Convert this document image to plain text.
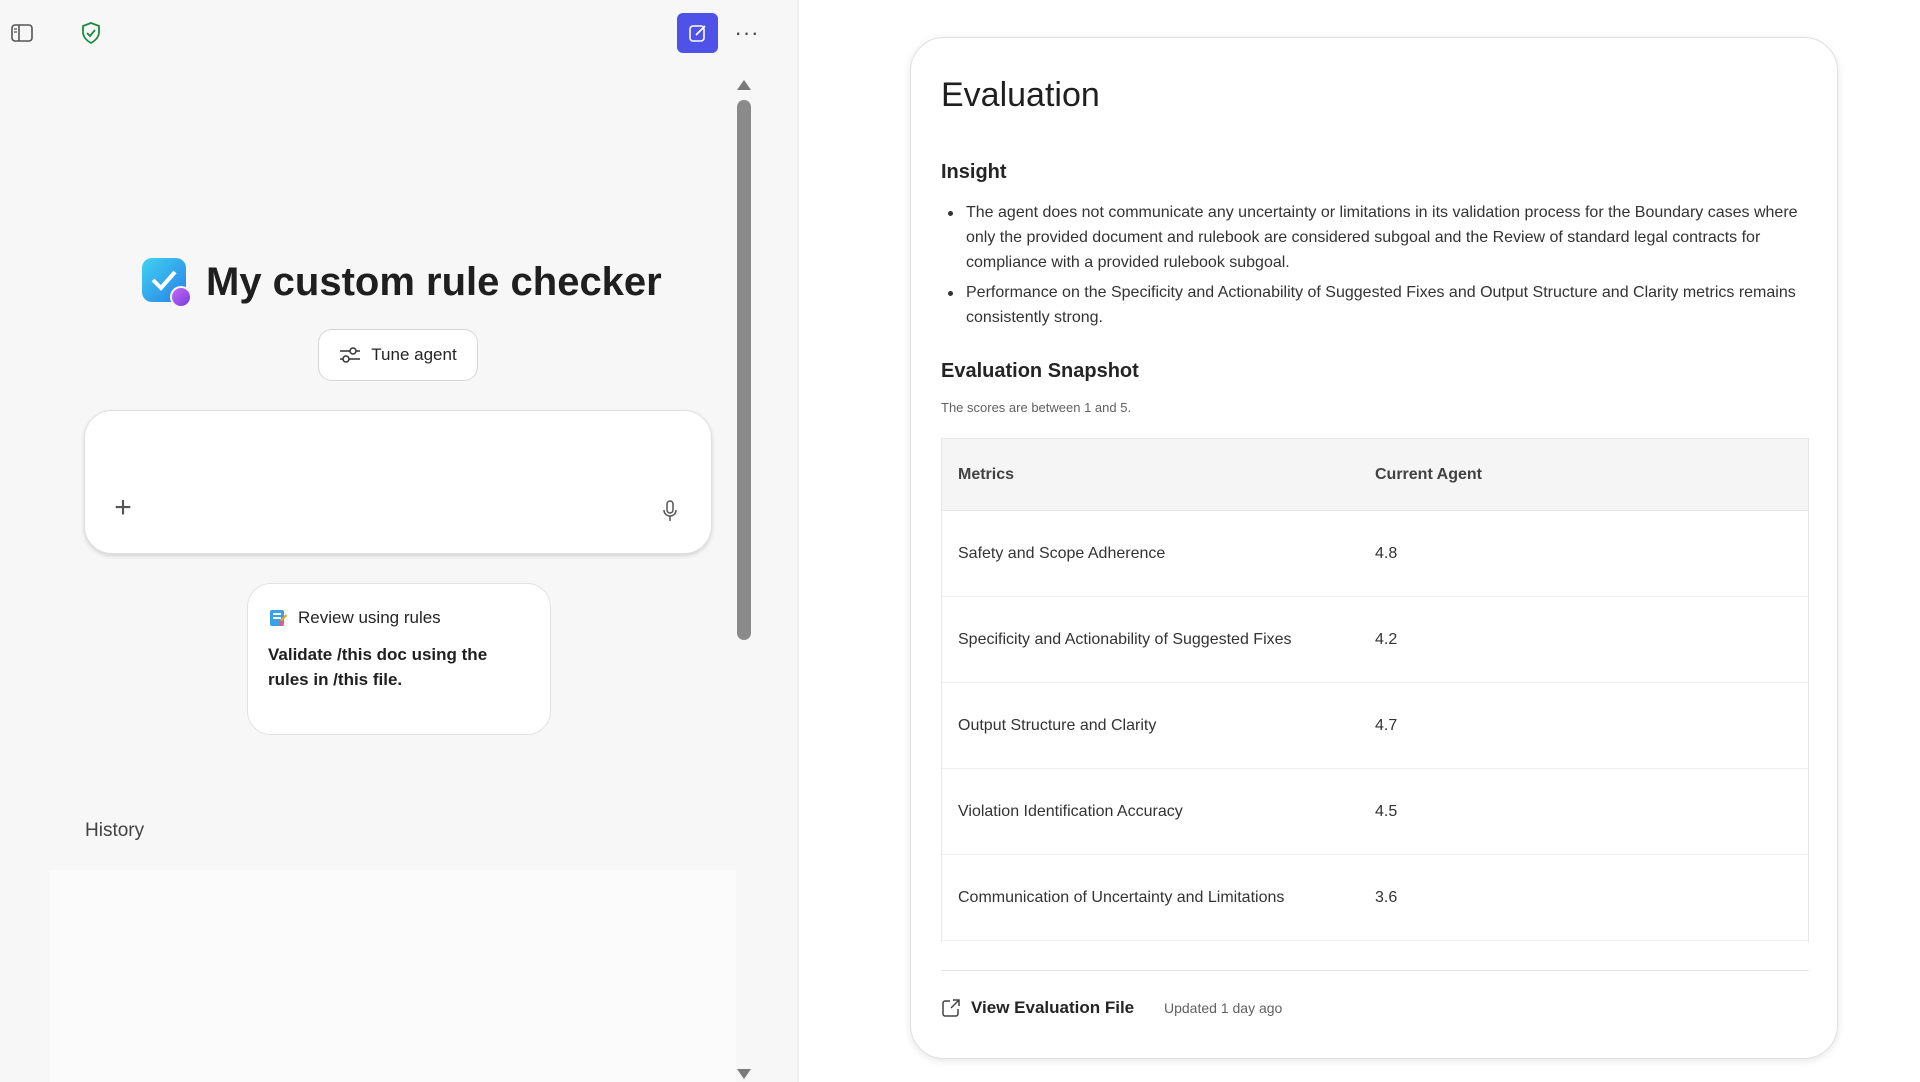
···
My custom rule checker
Tune agent
+
Review using rules
Validate /this doc using the rules in /this file.
History
Evaluation
Insight
The agent does not communicate any uncertainty or limitations in its validation process for the Boundary cases where only the provided document and rulebook are considered subgoal and the Review of standard legal contracts for compliance with a provided rulebook subgoal.
Performance on the Specificity and Actionability of Suggested Fixes and Output Structure and Clarity metrics remains consistently strong.
Evaluation Snapshot
The scores are between 1 and 5.
Metrics	Current Agent
Safety and Scope Adherence	4.8
Specificity and Actionability of Suggested Fixes	4.2
Output Structure and Clarity	4.7
Violation Identification Accuracy	4.5
Communication of Uncertainty and Limitations	3.6
View Evaluation File Updated 1 day ago
